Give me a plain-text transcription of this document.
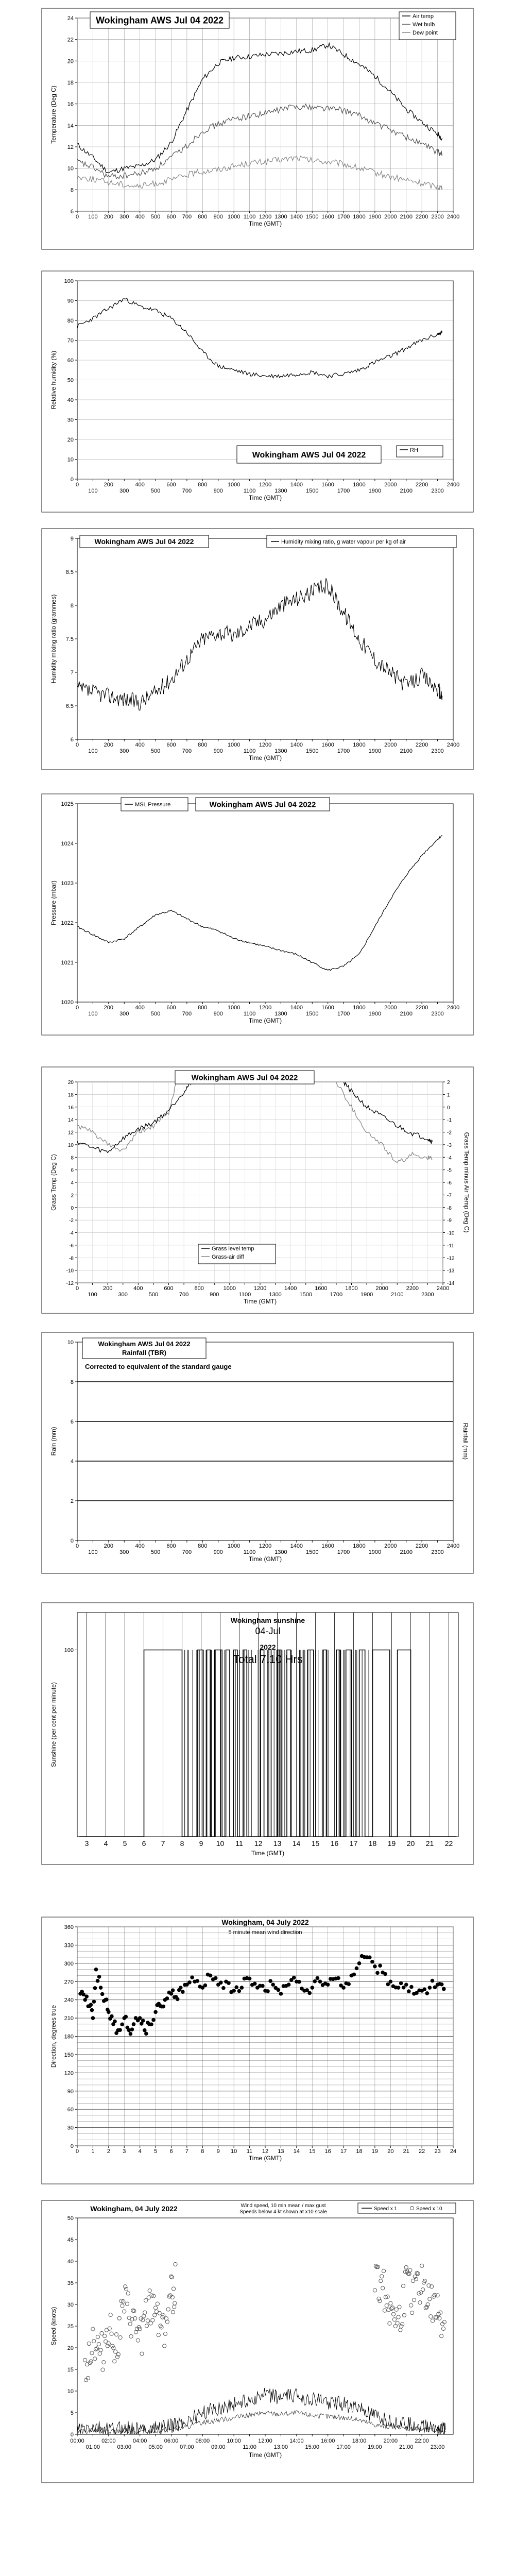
0 100 200 300 400 500 600 700 800 900 1000 1100 1200 1300 1400 1500 1600 1700 1800 1900 2000 2100 2200 2300 2400
Time (GMT)
6
8
10
12
14
16
18
20
22
24
Temperature (Deg C)
Wokingham AWS Jul 04 2022	Air temp
Wet bulb
Dew point
0
100
200
300
400
500
600
700
800
900
1000
1100
1200
1300
1400
1500
1600
1700
1800
1900
2000
2100
2200
2300
2400
Time (GMT)
0
10
20
30
40
50
60
70
80
90
100
Relative humidity (%)
Wokingham AWS Jul 04 2022
RH
0
100
200
300
400
500
600
700
800
900
1000
1100
1200
1300
1400
1500
1600
1700
1800
1900
2000
2100
2200
2300
2400
Time (GMT)
6
6.5
7
7.5
8
8.5
9
Humidity mixing ratio (grammes)
Wokingham AWS Jul 04 2022	Humidity mixing ratio, g water vapour per kg of air
0
100
200
300
400
500
600
700
800
900
1000
1100
1200
1300
1400
1500
1600
1700
1800
1900
2000
2100
2200
2300
2400
Time (GMT)
1020
1021
1022
1023
1024
1025
Pressure (mbar)
MSL Pressure	Wokingham AWS Jul 04 2022
0
100
200
300
400
500
600
700
800
900
1000
1100
1200
1300
1400
1500
1600
1700
1800
1900
2000
2100
2200
2300
2400
Time (GMT)
20
18
16
14
12
10
8
6
4
2
0
-2
-4
-6
-8
-10
-12
Grass Temp (Deg C)
2
1
0
-1
-2
-3
-4
-5
-6
-7
-8
-9
-10
-11
-12
-13
-14
Grass Temp minus Air Temp (Deg C)
Wokingham AWS Jul 04 2022
Grass level temp
Grass-air diff
0
100
200
300
400
500
600
700
800
900
1000
1100
1200
1300
1400
1500
1600
1700
1800
1900
2000
2100
2200
2300
2400
Time (GMT)
0
2
4
6
8
10
Rain (mm)	Rainfall (mm)
Wokingham AWS Jul 04 2022
Rainfall (TBR)
Corrected to equivalent of the standard gauge
100
Sunshine (per cent per minute)
3 4 5 6 7 8 9 10 11 12 13 14 15 16 17 18 19 20 21 22
Time (GMT)
Wokingham sunshine
04-Jul
2022
Total 7.10 Hrs
0 1 2 3 4 5 6 7 8 9 10 11 12 13 14 15 16 17 18 19 20 21 22 23 24
Time (GMT)
0
30
60
90
120
150
180
210
240
270
300
330
360
Direction, degrees true
Wokingham, 04 July 2022
5 minute mean wind direction
0
5
10
15
20
25
30
35
40
45
50
Speed (knots)
00:00
01:00
02:00
03:00
04:00
05:00
06:00
07:00
08:00
09:00
10:00
11:00
12:00
13:00
14:00
15:00
16:00
17:00
18:00
19:00
20:00
21:00
22:00
23:00
Time (GMT)
Wokingham, 04 July 2022	Wind speed, 10 min mean / max gust
Speeds below 4 kt shown at x10 scale
Speed x 1	Speed x 10
